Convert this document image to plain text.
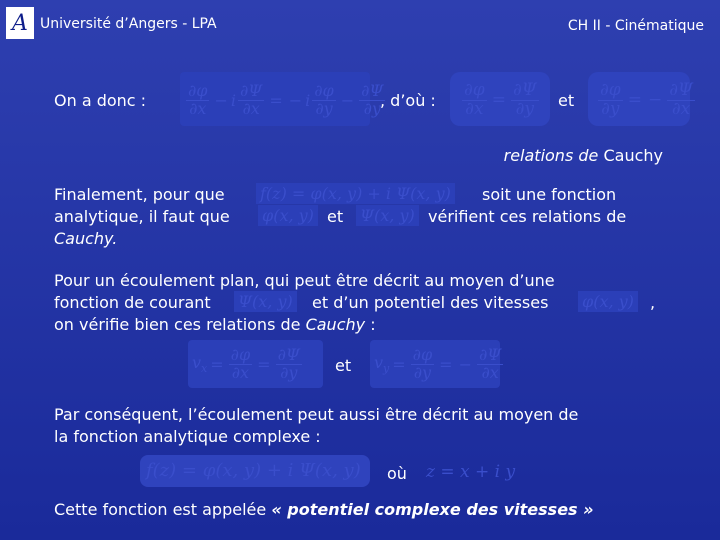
A Université d’Angers - LPA	CH II - Cinématique
On a donc : $\frac{\partial\varphi}{\partial x} - i \frac{\partial\Psi}{\partial x}$ = − i $\frac{\partial\varphi}{\partial y} - \frac{\partial\Psi}{\partial y}$
, d’où : $\frac{\partial\varphi}{\partial x} = \frac{\partial\Psi}{\partial y}$ et $\frac{\partial\varphi}{\partial y}$ = − $\frac{\partial\Psi}{\partial x}$
relations de Cauchy
Finalement, pour que f(z) = φ(x, y) + i Ψ(x, y) soit une fonction
analytique, il faut que φ(x, y) et Ψ(x, y) vérifient ces relations de
Cauchy.
Pour un écoulement plan, qui peut être décrit au moyen d’une
fonction de courant Ψ(x, y) et d’un potentiel des vitesses φ(x, y) ,
on vérifie bien ces relations de Cauchy :
$v_x = \frac{\partial\varphi}{\partial x} = \frac{\partial\Psi}{\partial y}$ et $v_y = \frac{\partial\varphi}{\partial y}$ = − $\frac{\partial\Psi}{\partial x}$
Par conséquent, l’écoulement peut aussi être décrit au moyen de
la fonction analytique complexe :
f(z) = φ(x, y) + i Ψ(x, y) où z = x + i y
Cette fonction est appelée « potentiel complexe des vitesses »
